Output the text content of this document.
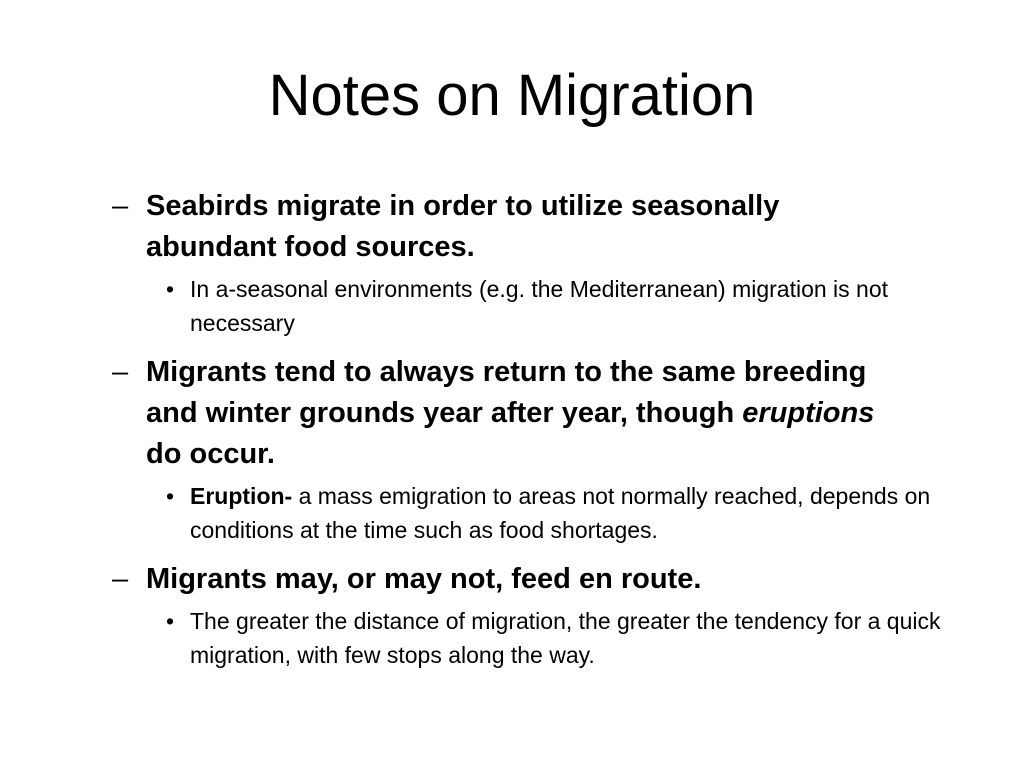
Notes on Migration
– Seabirds migrate in order to utilize seasonally abundant food sources.
• In a-seasonal environments (e.g. the Mediterranean) migration is not necessary
– Migrants tend to always return to the same breeding and winter grounds year after year, though eruptions do occur.
• Eruption- a mass emigration to areas not normally reached, depends on conditions at the time such as food shortages.
– Migrants may, or may not, feed en route.
• The greater the distance of migration, the greater the tendency for a quick migration, with few stops along the way.
